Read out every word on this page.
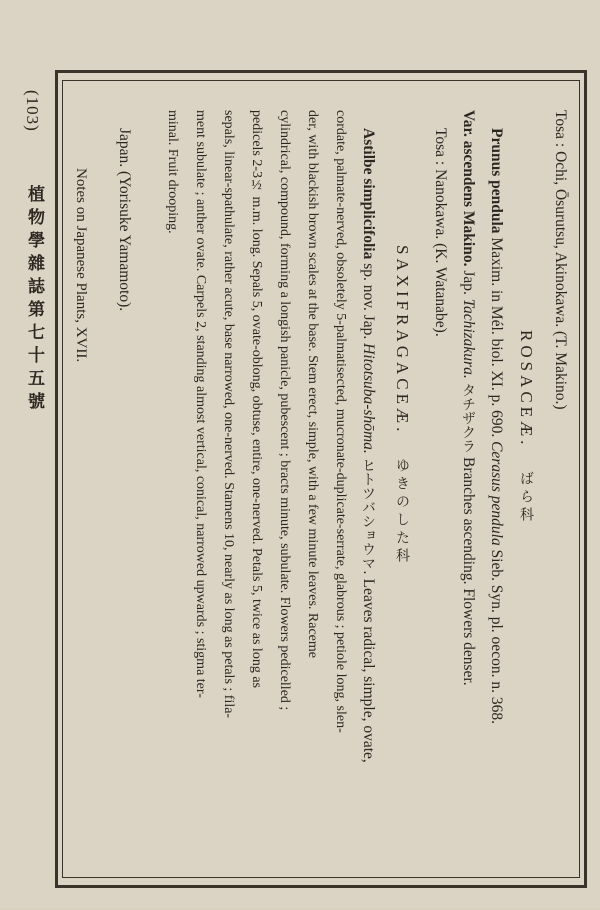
(103)
植物學雜誌第七十五號	Tosa : Ochi, Ōsurutsu, Akinokawa. (T. Makino.)
ROSACEÆ. ばら科
Prunus pendula Maxim. in Mél. biol. XI. p. 690. Cerasus pendula Sieb. Syn. pl. oecon. n. 368.
Var. ascendens Makino. Jap. Tachizakura. タチザクラ Branches ascending. Flowers denser.
Tosa : Nanokawa. (K. Watanabe).
SAXIFRAGACEÆ. ゆきのした科
Astilbe simplicifolia sp. nov. Jap. Hitotsuba-shōma. ヒトツバショウマ. Leaves radical, simple, ovate,
cordate, palmate-nerved, obsoletely 5-palmatisected, mucronate-duplicate-serrate, glabrous ; petiole long, slen-
der, with blackish brown scales at the base. Stem erect, simple, with a few minute leaves. Raceme
cylindrical, compound, forming a longish panicle, pubescent ; bracts minute, subulate. Flowers pedicelled ;
pedicels 2-3½ m.m. long. Sepals 5, ovate-oblong, obtuse, entire, one-nerved. Petals 5, twice as long as
sepals, linear-spathulate, rather acute, base narrowed, one-nerved. Stamens 10, nearly as long as petals ; fila-
ment subulate ; anther ovate. Carpels 2, standing almost vertical, conical, narrowed upwards ; stigma ter-
minal. Fruit drooping.
Japan. (Yorisuke Yamamoto).
Notes on Japanese Plants, XVII.
